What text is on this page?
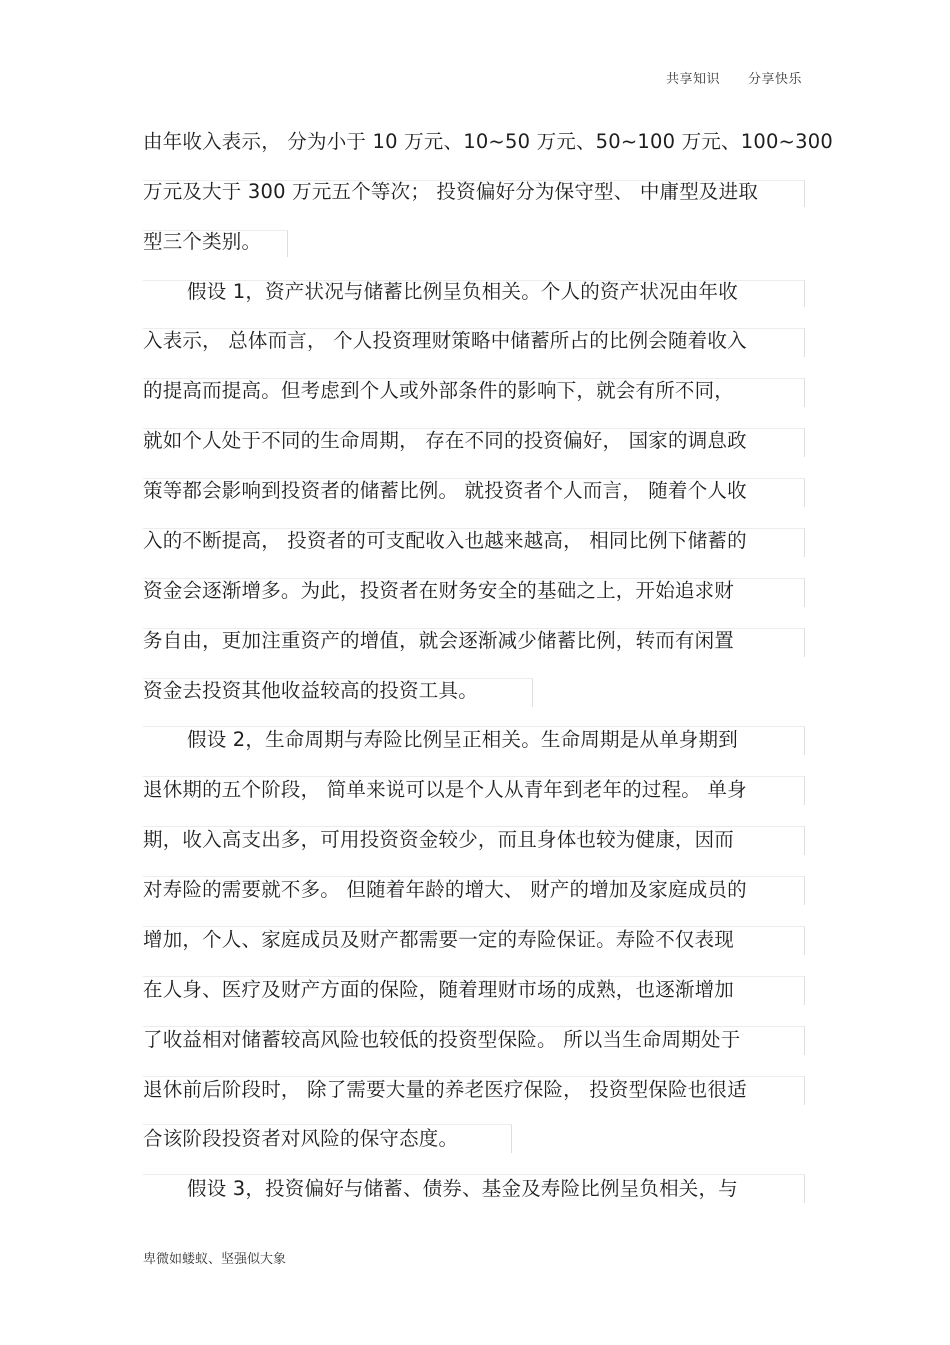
共享知识 分享快乐
由年收入表示， 分为小于 10 万元、10~50 万元、50~100 万元、100~300
万元及大于 300 万元五个等次； 投资偏好分为保守型、 中庸型及进取
型三个类别。
假设 1，资产状况与储蓄比例呈负相关。个人的资产状况由年收
入表示， 总体而言， 个人投资理财策略中储蓄所占的比例会随着收入
的提高而提高。但考虑到个人或外部条件的影响下，就会有所不同，
就如个人处于不同的生命周期， 存在不同的投资偏好， 国家的调息政
策等都会影响到投资者的储蓄比例。 就投资者个人而言， 随着个人收
入的不断提高， 投资者的可支配收入也越来越高， 相同比例下储蓄的
资金会逐渐增多。为此，投资者在财务安全的基础之上，开始追求财
务自由，更加注重资产的增值，就会逐渐减少储蓄比例，转而有闲置
资金去投资其他收益较高的投资工具。
假设 2，生命周期与寿险比例呈正相关。生命周期是从单身期到
退休期的五个阶段， 简单来说可以是个人从青年到老年的过程。 单身
期，收入高支出多，可用投资资金较少，而且身体也较为健康，因而
对寿险的需要就不多。 但随着年龄的增大、 财产的增加及家庭成员的
增加，个人、家庭成员及财产都需要一定的寿险保证。寿险不仅表现
在人身、医疗及财产方面的保险，随着理财市场的成熟，也逐渐增加
了收益相对储蓄较高风险也较低的投资型保险。 所以当生命周期处于
退休前后阶段时， 除了需要大量的养老医疗保险， 投资型保险也很适
合该阶段投资者对风险的保守态度。
假设 3，投资偏好与储蓄、债券、基金及寿险比例呈负相关，与
卑微如蝼蚁、坚强似大象
